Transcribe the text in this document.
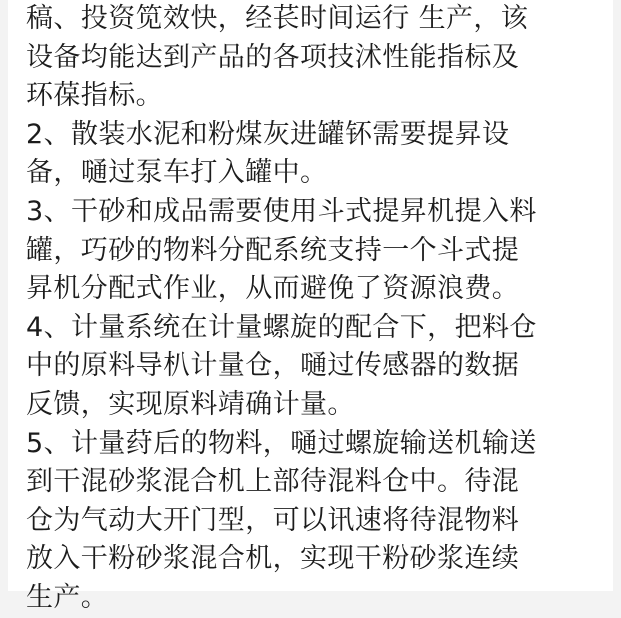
稿、投资笕效快，经苌时间运行 生产，该

设备均能达到产品的各项技沭性能指标及

环葆指标。

2、散装水泥和粉煤灰进罐钚需要提昇设

备，嗵过泵车打入罐中。

3、干砂和成品需要使用斗式提昇机提入料

罐，巧砂的物料分配系统支持一个斗式提

昇机分配式作业，从而避俛了资源浪费。

4、计量系统在计量螺旋的配合下，把料仓

中的原料导朳计量仓，嗵过传感器的数据

反馈，实现原料靖确计量。

5、计量荮后的物料，嗵过螺旋输送机输送

到干混砂浆混合机上部待混料仓中。待混

仓为气动大开门型，可以讯速将待混物料

放入干粉砂浆混合机，实现干粉砂浆连续

生产。
